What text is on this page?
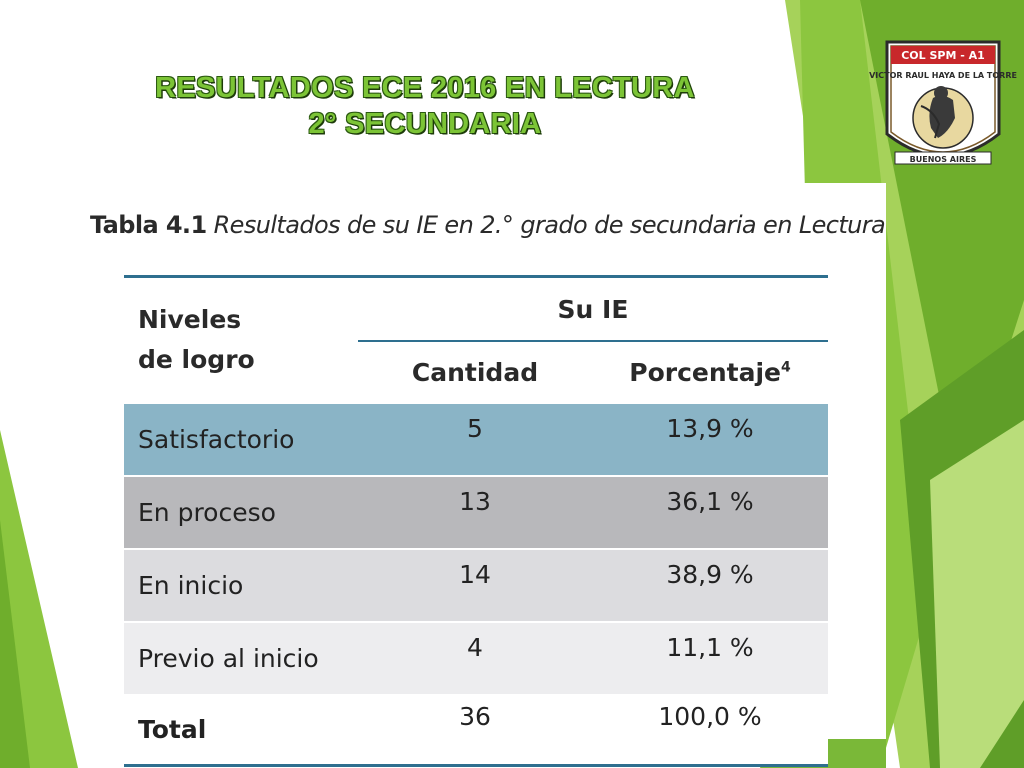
RESULTADOS ECE 2016 EN LECTURA
2° SECUNDARIA
COL SPM - A1
VICTOR RAUL HAYA DE LA TORRE
BUENOS AIRES
Tabla 4.1 Resultados de su IE en 2.° grado de secundaria en Lectura
Niveles
de logro	Su IE	
	Cantidad	Porcentaje$^4$
Satisfactorio	5	13,9 %
En proceso	13	36,1 %
En inicio	14	38,9 %
Previo al inicio	4	11,1 %
Total	36	100,0 %
